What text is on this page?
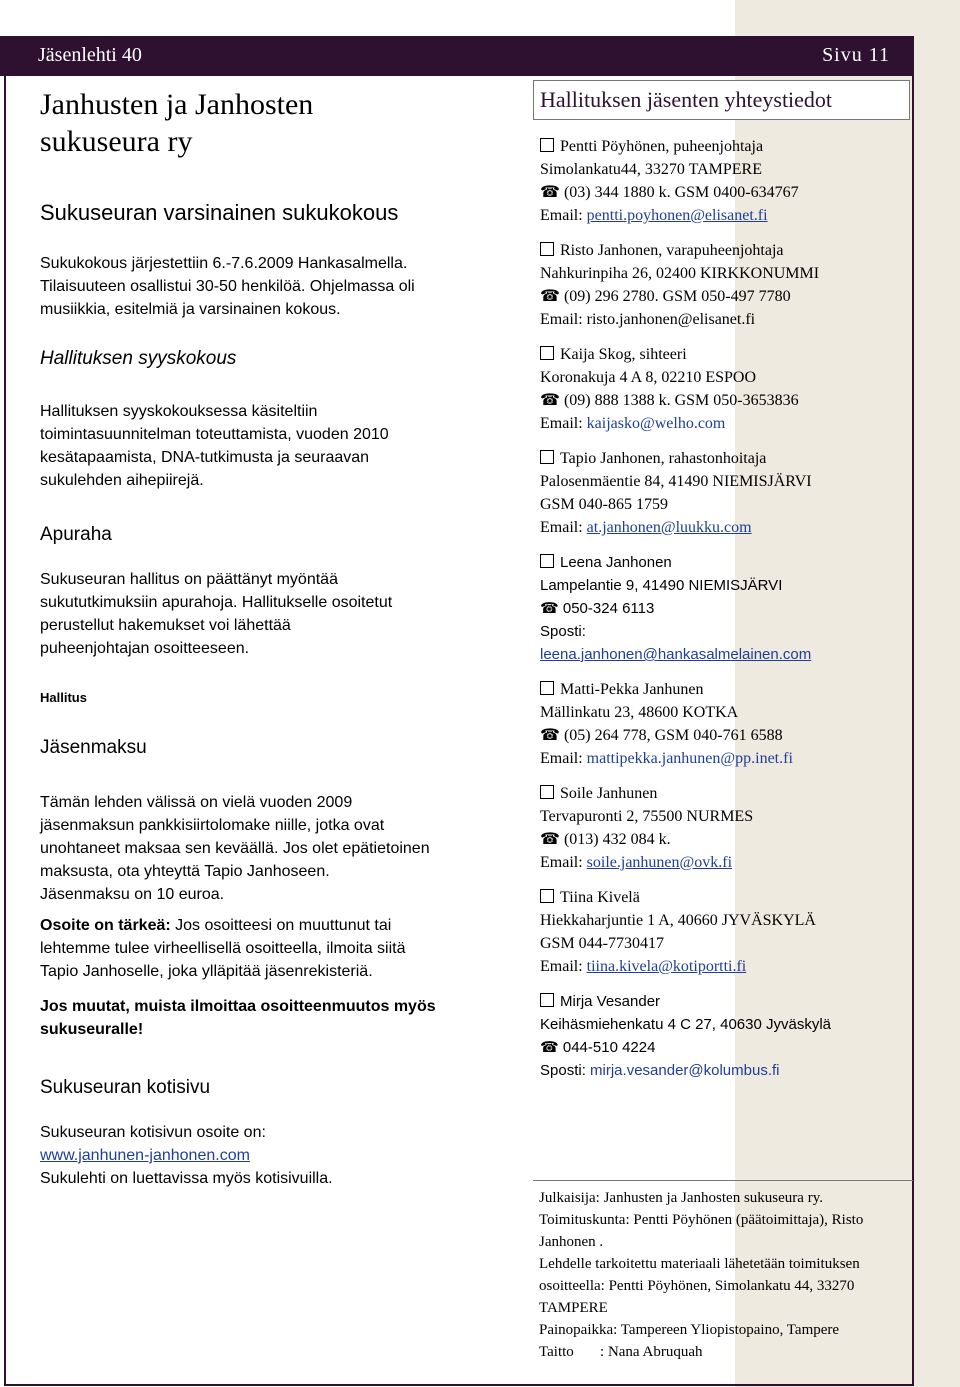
Jäsenlehti 40	Sivu 11

Janhusten ja Janhosten sukuseura ry

Sukuseuran varsinainen sukukokous

Sukukokous järjestettiin 6.-7.6.2009 Hankasalmella. Tilaisuuteen osallistui 30-50 henkilöä. Ohjelmassa oli musiikkia, esitelmiä ja varsinainen kokous.

Hallituksen syyskokous

Hallituksen syyskokouksessa käsiteltiin toimintasuunnitelman toteuttamista, vuoden 2010 kesätapaamista, DNA-tutkimusta ja seuraavan sukulehden aihepiirejä.

Apuraha

Sukuseuran hallitus on päättänyt myöntää sukututkimuksiin apurahoja. Hallitukselle osoitetut perustellut hakemukset voi lähettää

puheenjohtajan osoitteeseen.

Hallitus

Jäsenmaksu

Tämän lehden välissä on vielä vuoden 2009 jäsenmaksun pankkisiirtolomake niille, jotka ovat unohtaneet maksaa sen keväällä. Jos olet epätietoinen maksusta, ota yhteyttä Tapio Janhoseen.

Jäsenmaksu on 10 euroa.

Osoite on tärkeä: Jos osoitteesi on muuttunut tai lehtemme tulee virheellisellä osoitteella, ilmoita siitä Tapio Janhoselle, joka ylläpitää jäsenrekisteriä.

Jos muutat, muista ilmoittaa osoitteenmuutos myös sukuseuralle!

Sukuseuran kotisivu

Sukuseuran kotisivun osoite on:

www.janhunen-janhonen.com

Sukulehti on luettavissa myös kotisivuilla.

Hallituksen jäsenten yhteystiedot
Pentti Pöyhönen, puheenjohtaja
Simolankatu44, 33270 TAMPERE
☎ (03) 344 1880 k. GSM 0400-634767
Email: pentti.poyhonen@elisanet.fi
Risto Janhonen, varapuheenjohtaja
Nahkurinpiha 26, 02400 KIRKKONUMMI
☎ (09) 296 2780. GSM 050-497 7780
Email: risto.janhonen@elisanet.fi
Kaija Skog, sihteeri
Koronakuja 4 A 8, 02210 ESPOO
☎ (09) 888 1388 k. GSM 050-3653836
Email: kaijasko@welho.com
Tapio Janhonen, rahastonhoitaja
Palosenmäentie 84, 41490 NIEMISJÄRVI
GSM 040-865 1759
Email: at.janhonen@luukku.com
Leena Janhonen
Lampelantie 9, 41490 NIEMISJÄRVI
☎ 050-324 6113
Sposti:
leena.janhonen@hankasalmelainen.com
Matti-Pekka Janhunen
Mällinkatu 23, 48600 KOTKA
☎ (05) 264 778, GSM 040-761 6588
Email: mattipekka.janhunen@pp.inet.fi
Soile Janhunen
Tervapuronti 2, 75500 NURMES
☎ (013) 432 084 k.
Email: soile.janhunen@ovk.fi
Tiina Kivelä
Hiekkaharjuntie 1 A, 40660 JYVÄSKYLÄ
GSM 044-7730417
Email: tiina.kivela@kotiportti.fi
Mirja Vesander
Keihäsmiehenkatu 4 C 27, 40630 Jyväskylä
☎ 044-510 4224
Sposti: mirja.vesander@kolumbus.fi
Julkaisija: Janhusten ja Janhosten sukuseura ry.
Toimituskunta: Pentti Pöyhönen (päätoimittaja), Risto Janhonen .
Lehdelle tarkoitettu materiaali lähetetään toimituksen osoitteella: Pentti Pöyhönen, Simolankatu 44, 33270 TAMPERE
Painopaikka: Tampereen Yliopistopaino, Tampere
Taitto       : Nana Abruquah
